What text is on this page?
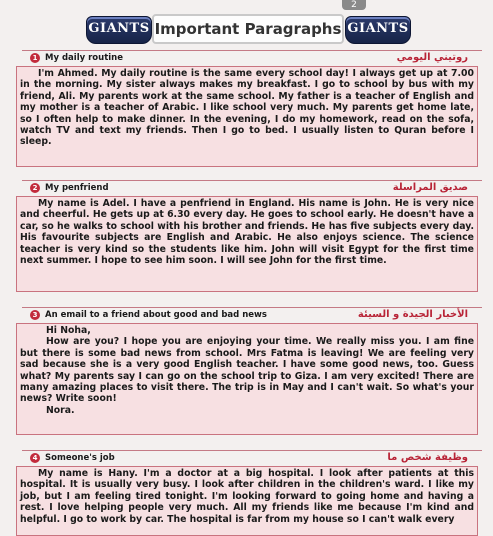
2
GIANTS Important Paragraphs GIANTS
1 My daily routine	روتيني اليومي
I'm Ahmed. My daily routine is the same every school day! I always get up at 7.00 in the morning. My sister always makes my breakfast. I go to school by bus with my friend, Ali. My parents work at the same school. My father is a teacher of English and my mother is a teacher of Arabic. I like school very much. My parents get home late, so I often help to make dinner. In the evening, I do my homework, read on the sofa, watch TV and text my friends. Then I go to bed. I usually listen to Quran before I sleep.
2 My penfriend	صديق المراسلة
My name is Adel. I have a penfriend in England. His name is John. He is very nice and cheerful. He gets up at 6.30 every day. He goes to school early. He doesn't have a car, so he walks to school with his brother and friends. He has five subjects every day. His favourite subjects are English and Arabic. He also enjoys science. The science teacher is very kind so the students like him. John will visit Egypt for the first time next summer. I hope to see him soon. I will see John for the first time.
3 An email to a friend about good and bad news	الأخبار الجيدة و السيئة

Hi Noha,

How are you? I hope you are enjoying your time. We really miss you. I am fine but there is some bad news from school. Mrs Fatma is leaving! We are feeling very sad because she is a very good English teacher. I have some good news, too. Guess what? My parents say I can go on the school trip to Giza. I am very excited! There are many amazing places to visit there. The trip is in May and I can't wait. So what's your news? Write soon!

Nora.

4 Someone's job	وظيفة شخص ما
My name is Hany. I'm a doctor at a big hospital. I look after patients at this hospital. It is usually very busy. I look after children in the children's ward. I like my job, but I am feeling tired tonight. I'm looking forward to going home and having a rest. I love helping people very much. All my friends like me because I'm kind and helpful. I go to work by car. The hospital is far from my house so I can't walk every
